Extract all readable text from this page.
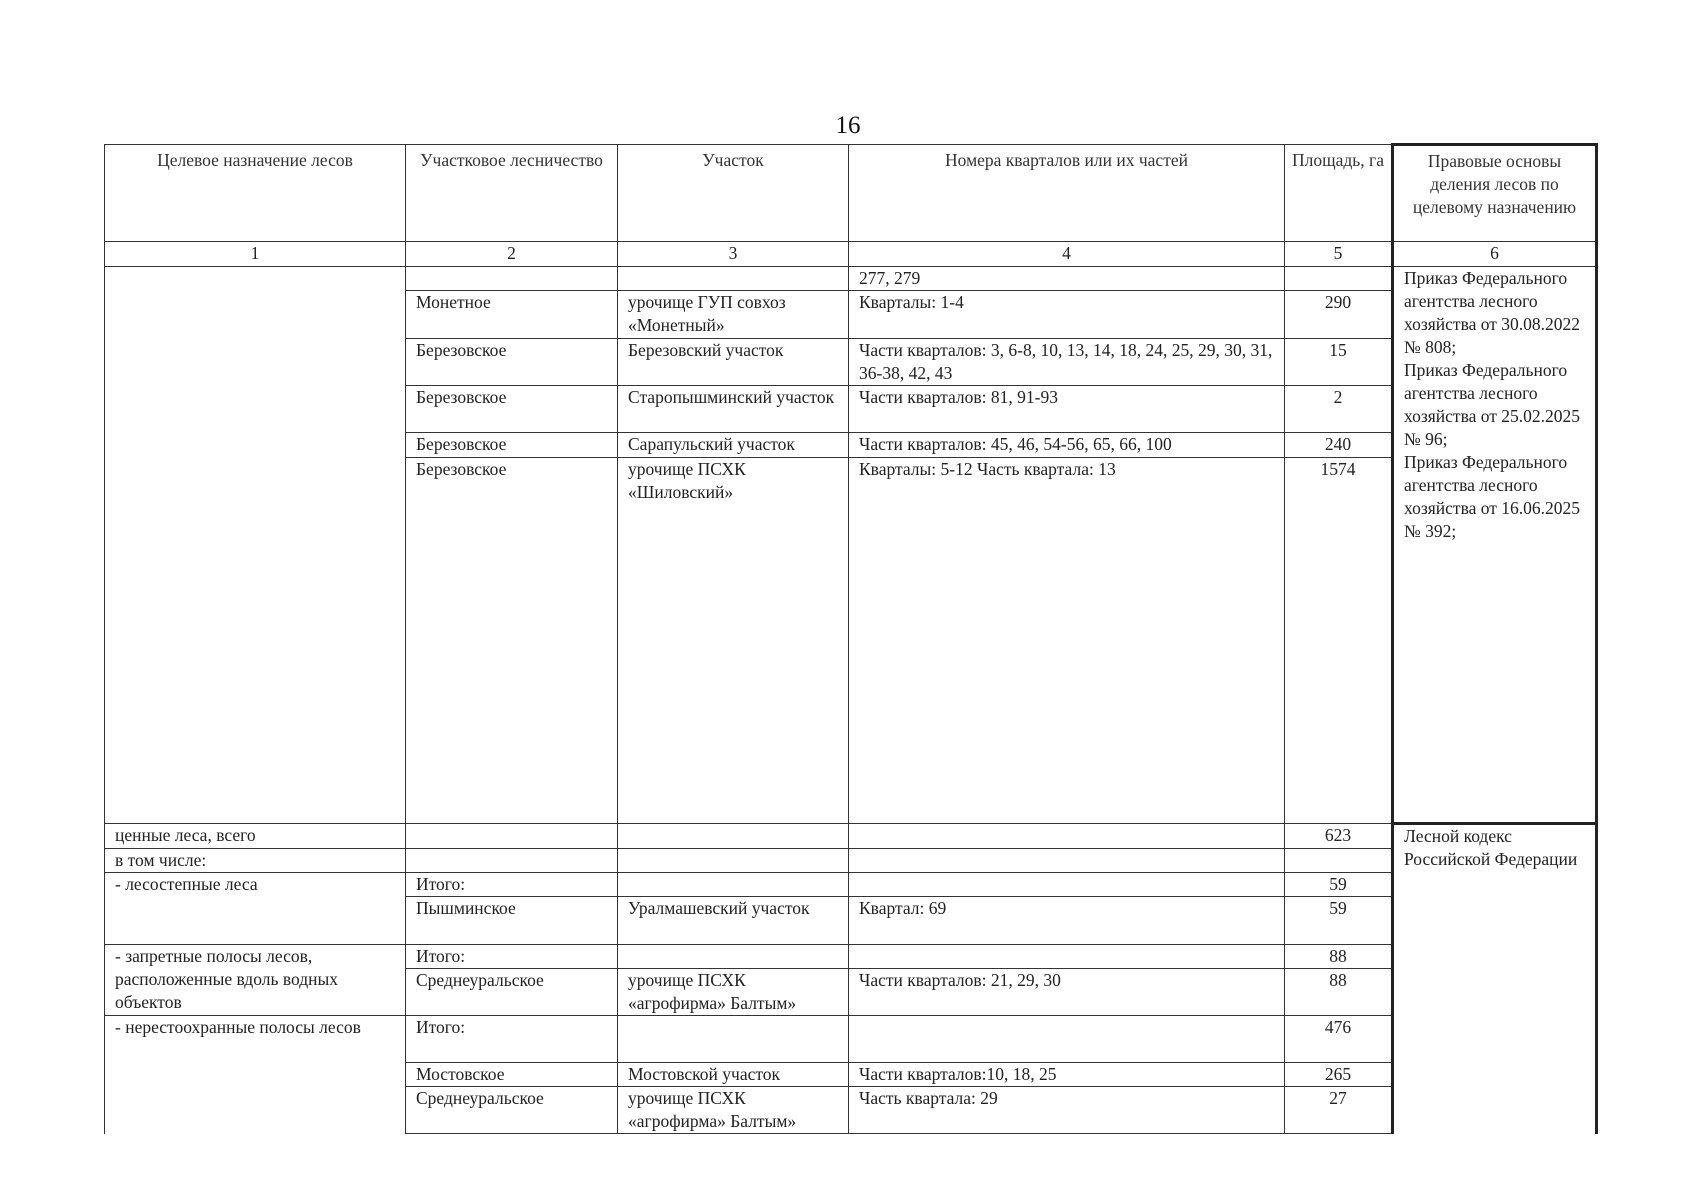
16
Целевое назначение лесов	Участковое лесничество	Участок	Номера кварталов или их частей	Площадь, га	Правовые основы деления лесов по целевому назначению
1	2	3	4	5	6
			277, 279		Приказ Федерального агентства лесного хозяйства от 30.08.2022 № 808;
Приказ Федерального агентства лесного хозяйства от 25.02.2025 № 96;
Приказ Федерального агентства лесного хозяйства от 16.06.2025 № 392;
	Монетное	урочище ГУП совхоз «Монетный»	Кварталы: 1-4	290	
	Березовское	Березовский участок	Части кварталов: 3, 6-8, 10, 13, 14, 18, 24, 25, 29, 30, 31, 36-38, 42, 43	15	
	Березовское	Старопышминский участок	Части кварталов: 81, 91-93	2	
	Березовское	Сарапульский участок	Части кварталов: 45, 46, 54-56, 65, 66, 100	240	
	Березовское	урочище ПСХК «Шиловский»	Кварталы: 5-12 Часть квартала: 13	1574	
ценные леса, всего				623	Лесной кодекс Российской Федерации
в том числе:					
- лесостепные леса	Итого:			59	
	Пышминское	Уралмашевский участок	Квартал: 69	59	
- запретные полосы лесов, расположенные вдоль водных объектов	Итого:			88	
	Среднеуральское	урочище ПСХК «агрофирма» Балтым»	Части кварталов: 21, 29, 30	88	
- нерестоохранные полосы лесов	Итого:			476	
	Мостовское	Мостовской участок	Части кварталов:10, 18, 25	265	
	Среднеуральское	урочище ПСХК «агрофирма» Балтым»	Часть квартала: 29	27	
